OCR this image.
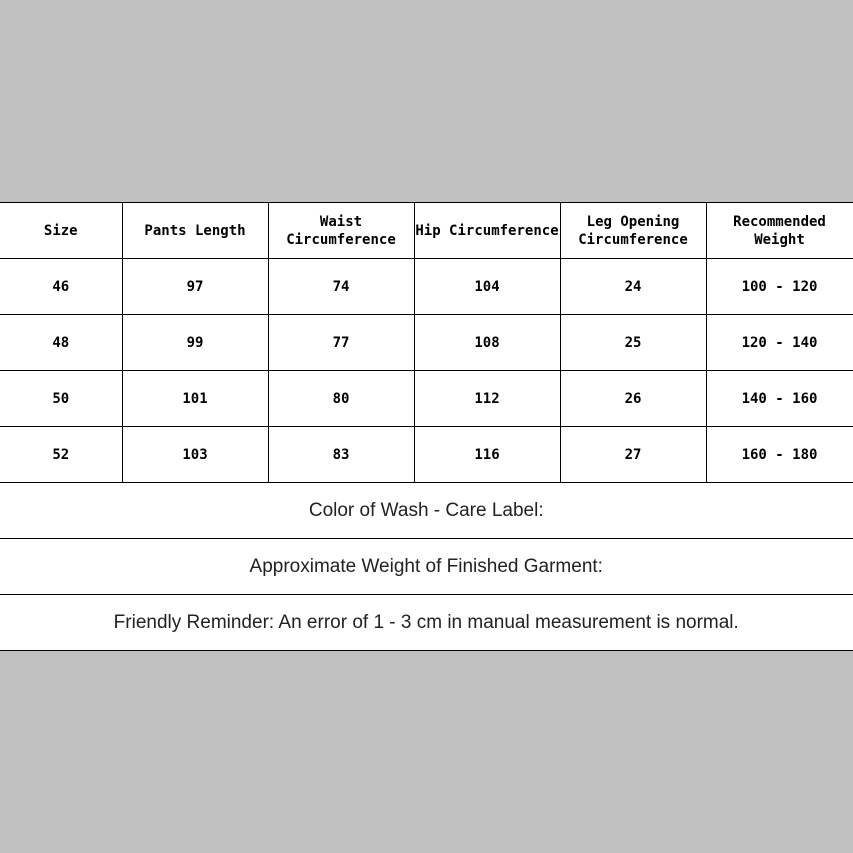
Size	Pants Length	Waist Circumference	Hip Circumference	Leg Opening Circumference	Recommended Weight
46	97	74	104	24	100 - 120
48	99	77	108	25	120 - 140
50	101	80	112	26	140 - 160
52	103	83	116	27	160 - 180
Color of Wash - Care Label:					
Approximate Weight of Finished Garment:					
Friendly Reminder: An error of 1 - 3 cm in manual measurement is normal.					
